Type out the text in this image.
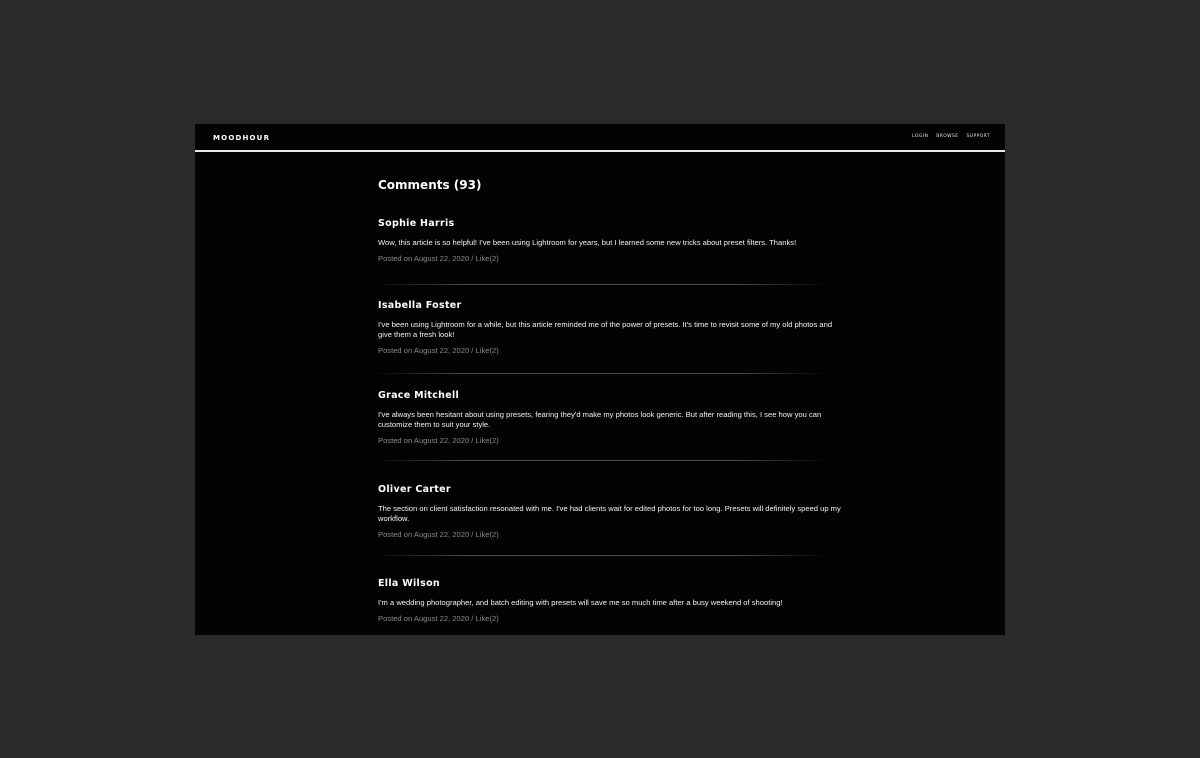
MOODHOUR	LOGIN BROWSE SUPPORT
Comments (93)

Sophie Harris

Wow, this article is so helpful! I've been using Lightroom for years, but I learned some new tricks about preset filters. Thanks!

Posted on August 22, 2020 / Like(2)

Isabella Foster

I've been using Lightroom for a while, but this article reminded me of the power of presets. It's time to revisit some of my old photos and give them a fresh look!

Posted on August 22, 2020 / Like(2)

Grace Mitchell

I've always been hesitant about using presets, fearing they'd make my photos look generic. But after reading this, I see how you can customize them to suit your style.

Posted on August 22, 2020 / Like(2)

Oliver Carter

The section on client satisfaction resonated with me. I've had clients wait for edited photos for too long. Presets will definitely speed up my workflow.

Posted on August 22, 2020 / Like(2)

Ella Wilson

I'm a wedding photographer, and batch editing with presets will save me so much time after a busy weekend of shooting!

Posted on August 22, 2020 / Like(2)
